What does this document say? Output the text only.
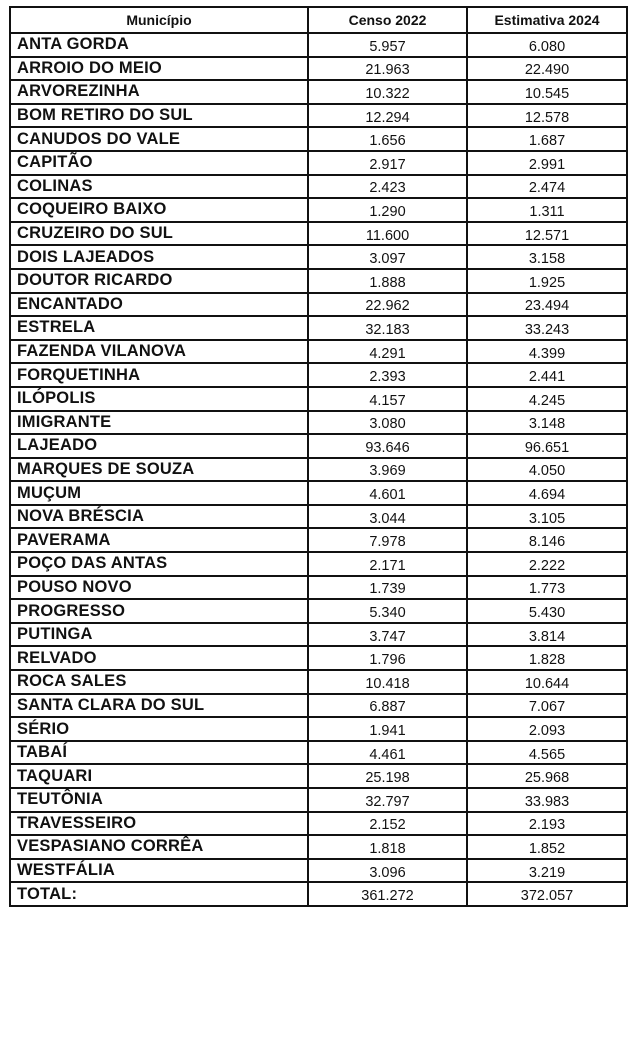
Município	Censo 2022	Estimativa 2024
ANTA GORDA	5.957	6.080
ARROIO DO MEIO	21.963	22.490
ARVOREZINHA	10.322	10.545
BOM RETIRO DO SUL	12.294	12.578
CANUDOS DO VALE	1.656	1.687
CAPITÃO	2.917	2.991
COLINAS	2.423	2.474
COQUEIRO BAIXO	1.290	1.311
CRUZEIRO DO SUL	11.600	12.571
DOIS LAJEADOS	3.097	3.158
DOUTOR RICARDO	1.888	1.925
ENCANTADO	22.962	23.494
ESTRELA	32.183	33.243
FAZENDA VILANOVA	4.291	4.399
FORQUETINHA	2.393	2.441
ILÓPOLIS	4.157	4.245
IMIGRANTE	3.080	3.148
LAJEADO	93.646	96.651
MARQUES DE SOUZA	3.969	4.050
MUÇUM	4.601	4.694
NOVA BRÉSCIA	3.044	3.105
PAVERAMA	7.978	8.146
POÇO DAS ANTAS	2.171	2.222
POUSO NOVO	1.739	1.773
PROGRESSO	5.340	5.430
PUTINGA	3.747	3.814
RELVADO	1.796	1.828
ROCA SALES	10.418	10.644
SANTA CLARA DO SUL	6.887	7.067
SÉRIO	1.941	2.093
TABAÍ	4.461	4.565
TAQUARI	25.198	25.968
TEUTÔNIA	32.797	33.983
TRAVESSEIRO	2.152	2.193
VESPASIANO CORRÊA	1.818	1.852
WESTFÁLIA	3.096	3.219
TOTAL:	361.272	372.057
